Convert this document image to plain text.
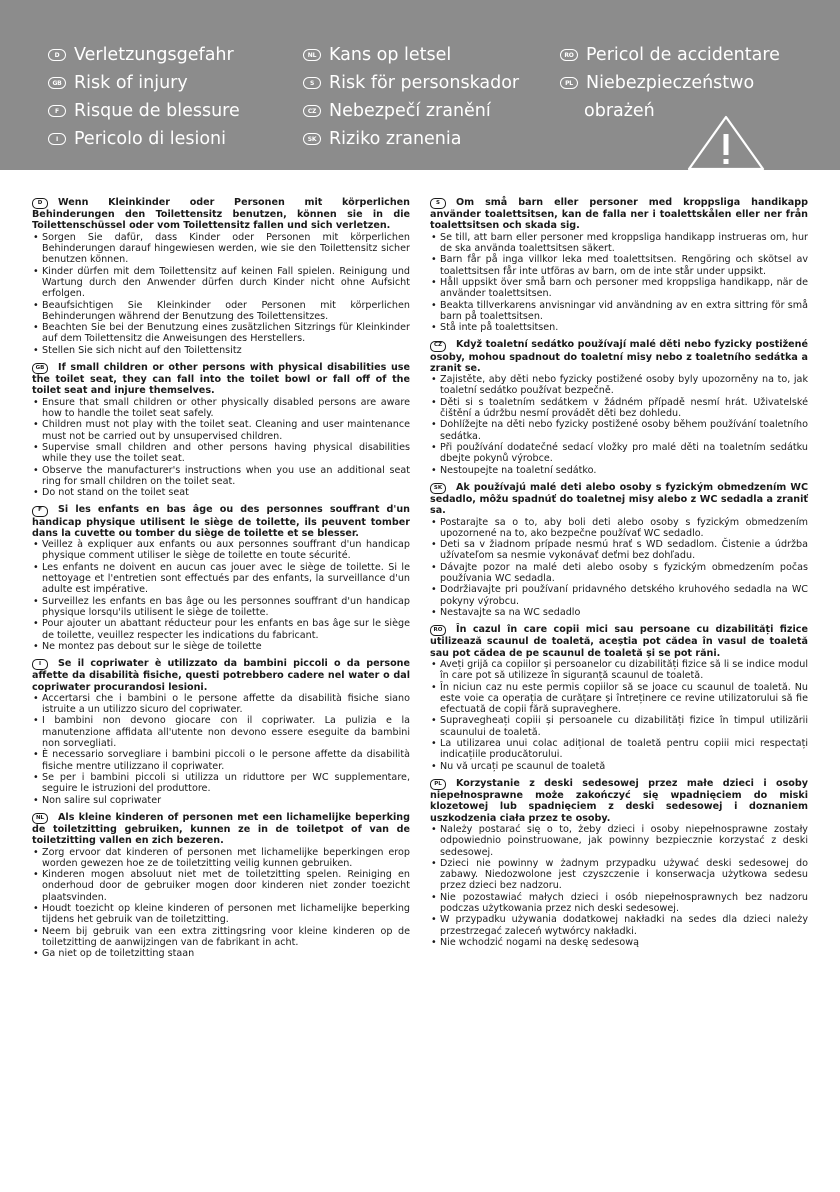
D Verletzungsgefahr
GB Risk of injury
F Risque de blessure
I Pericolo di lesioni
NL Kans op letsel
S Risk för personskador
CZ Nebezpečí zranění
SK Riziko zranenia
RO Pericol de accidentare
PL Niebezpieczeństwo
obrażeń

D Wenn Kleinkinder oder Personen mit körperlichen Behinderungen den Toilettensitz benutzen, können sie in die Toilettenschüssel oder vom Toilettensitz fallen und sich verletzen.

• Sorgen Sie dafür, dass Kinder oder Personen mit körperlichen Behinderungen darauf hingewiesen werden, wie sie den Toilettensitz sicher benutzen können.
• Kinder dürfen mit dem Toilettensitz auf keinen Fall spielen. Reinigung und Wartung durch den Anwender dürfen durch Kinder nicht ohne Aufsicht erfolgen.
• Beaufsichtigen Sie Kleinkinder oder Personen mit körperlichen Behinderungen während der Benutzung des Toilettensitzes.
• Beachten Sie bei der Benutzung eines zusätzlichen Sitzrings für Kleinkinder auf dem Toilettensitz die Anweisungen des Herstellers.
• Stellen Sie sich nicht auf den Toilettensitz

GB If small children or other persons with physical disabilities use the toilet seat, they can fall into the toilet bowl or fall off of the toilet seat and injure themselves.

• Ensure that small children or other physically disabled persons are aware how to handle the toilet seat safely.
• Children must not play with the toilet seat. Cleaning and user maintenance must not be carried out by unsupervised children.
• Supervise small children and other persons having physical disabilities while they use the toilet seat.
• Observe the manufacturer's instructions when you use an additional seat ring for small children on the toilet seat.
• Do not stand on the toilet seat

F Si les enfants en bas âge ou des personnes souffrant d'un handicap physique utilisent le siège de toilette, ils peuvent tomber dans la cuvette ou tomber du siège de toilette et se blesser.

• Veillez à expliquer aux enfants ou aux personnes souffrant d'un handicap physique comment utiliser le siège de toilette en toute sécurité.
• Les enfants ne doivent en aucun cas jouer avec le siège de toilette. Si le nettoyage et l'entretien sont effectués par des enfants, la surveillance d'un adulte est impérative.
• Surveillez les enfants en bas âge ou les personnes souffrant d'un handicap physique lorsqu'ils utilisent le siège de toilette.
• Pour ajouter un abattant réducteur pour les enfants en bas âge sur le siège de toilette, veuillez respecter les indications du fabricant.
• Ne montez pas debout sur le siège de toilette

I Se il copriwater è utilizzato da bambini piccoli o da persone affette da disabilità fisiche, questi potrebbero cadere nel water o dal copriwater procurandosi lesioni.

• Accertarsi che i bambini o le persone affette da disabilità fisiche siano istruite a un utilizzo sicuro del copriwater.
• I bambini non devono giocare con il copriwater. La pulizia e la manutenzione affidata all'utente non devono essere eseguite da bambini non sorvegliati.
• È necessario sorvegliare i bambini piccoli o le persone affette da disabilità fisiche mentre utilizzano il copriwater.
• Se per i bambini piccoli si utilizza un riduttore per WC supplementare, seguire le istruzioni del produttore.
• Non salire sul copriwater

NL Als kleine kinderen of personen met een lichamelijke beperking de toiletzitting gebruiken, kunnen ze in de toiletpot of van de toiletzitting vallen en zich bezeren.

• Zorg ervoor dat kinderen of personen met lichamelijke beperkingen erop worden gewezen hoe ze de toiletzitting veilig kunnen gebruiken.
• Kinderen mogen absoluut niet met de toiletzitting spelen. Reiniging en onderhoud door de gebruiker mogen door kinderen niet zonder toezicht plaatsvinden.
• Houdt toezicht op kleine kinderen of personen met lichamelijke beperking tijdens het gebruik van de toiletzitting.
• Neem bij gebruik van een extra zittingsring voor kleine kinderen op de toiletzitting de aanwijzingen van de fabrikant in acht.
• Ga niet op de toiletzitting staan

S Om små barn eller personer med kroppsliga handikapp använder toalettsitsen, kan de falla ner i toalettskålen eller ner från toalettsitsen och skada sig.

• Se till, att barn eller personer med kroppsliga handikapp instrueras om, hur de ska använda toalettsitsen säkert.
• Barn får på inga villkor leka med toalettsitsen. Rengöring och skötsel av toalettsitsen får inte utföras av barn, om de inte står under uppsikt.
• Håll uppsikt över små barn och personer med kroppsliga handikapp, när de använder toalettsitsen.
• Beakta tillverkarens anvisningar vid användning av en extra sittring för små barn på toalettsitsen.
• Stå inte på toalettsitsen.

CZ Když toaletní sedátko používají malé děti nebo fyzicky postižené osoby, mohou spadnout do toaletní misy nebo z toaletního sedátka a zranit se.

• Zajistěte, aby děti nebo fyzicky postižené osoby byly upozorněny na to, jak toaletní sedátko používat bezpečně.
• Děti si s toaletním sedátkem v žádném případě nesmí hrát. Uživatelské čištění a údržbu nesmí provádět děti bez dohledu.
• Dohlížejte na děti nebo fyzicky postižené osoby během používání toaletního sedátka.
• Při používání dodatečné sedací vložky pro malé děti na toaletním sedátku dbejte pokynů výrobce.
• Nestoupejte na toaletní sedátko.

SK Ak používajú malé deti alebo osoby s fyzickým obmedzením WC sedadlo, môžu spadnúť do toaletnej misy alebo z WC sedadla a zraniť sa.

• Postarajte sa o to, aby boli deti alebo osoby s fyzickým obmedzením upozornené na to, ako bezpečne používať WC sedadlo.
• Deti sa v žiadnom prípade nesmú hrať s WD sedadlom. Čistenie a údržba užívateľom sa nesmie vykonávať deťmi bez dohľadu.
• Dávajte pozor na malé deti alebo osoby s fyzickým obmedzením počas používania WC sedadla.
• Dodržiavajte pri používaní pridavného detského kruhového sedadla na WC pokyny výrobcu.
• Nestavajte sa na WC sedadlo

RO În cazul în care copii mici sau persoane cu dizabilități fizice utilizează scaunul de toaletă, aceștia pot cădea în vasul de toaletă sau pot cădea de pe scaunul de toaletă și se pot răni.

• Aveți grijă ca copiilor și persoanelor cu dizabilități fizice să li se indice modul în care pot să utilizeze în siguranță scaunul de toaletă.
• În niciun caz nu este permis copiilor să se joace cu scaunul de toaletă. Nu este voie ca operația de curățare și întreținere ce revine utilizatorului să fie efectuată de copii fără supraveghere.
• Supravegheați copiii și persoanele cu dizabilități fizice în timpul utilizării scaunului de toaletă.
• La utilizarea unui colac adițional de toaletă pentru copiii mici respectați indicațiile producătorului.
• Nu vă urcați pe scaunul de toaletă

PL Korzystanie z deski sedesowej przez małe dzieci i osoby niepełnosprawne może zakończyć się wpadnięciem do miski klozetowej lub spadnięciem z deski sedesowej i doznaniem uszkodzenia ciała przez te osoby.

• Należy postarać się o to, żeby dzieci i osoby niepełnosprawne zostały odpowiednio poinstruowane, jak powinny bezpiecznie korzystać z deski sedesowej.
• Dzieci nie powinny w żadnym przypadku używać deski sedesowej do zabawy. Niedozwolone jest czyszczenie i konserwacja użytkowa sedesu przez dzieci bez nadzoru.
• Nie pozostawiać małych dzieci i osób niepełnosprawnych bez nadzoru podczas użytkowania przez nich deski sedesowej.
• W przypadku używania dodatkowej nakładki na sedes dla dzieci należy przestrzegać zaleceń wytwórcy nakładki.
• Nie wchodzić nogami na deskę sedesową
